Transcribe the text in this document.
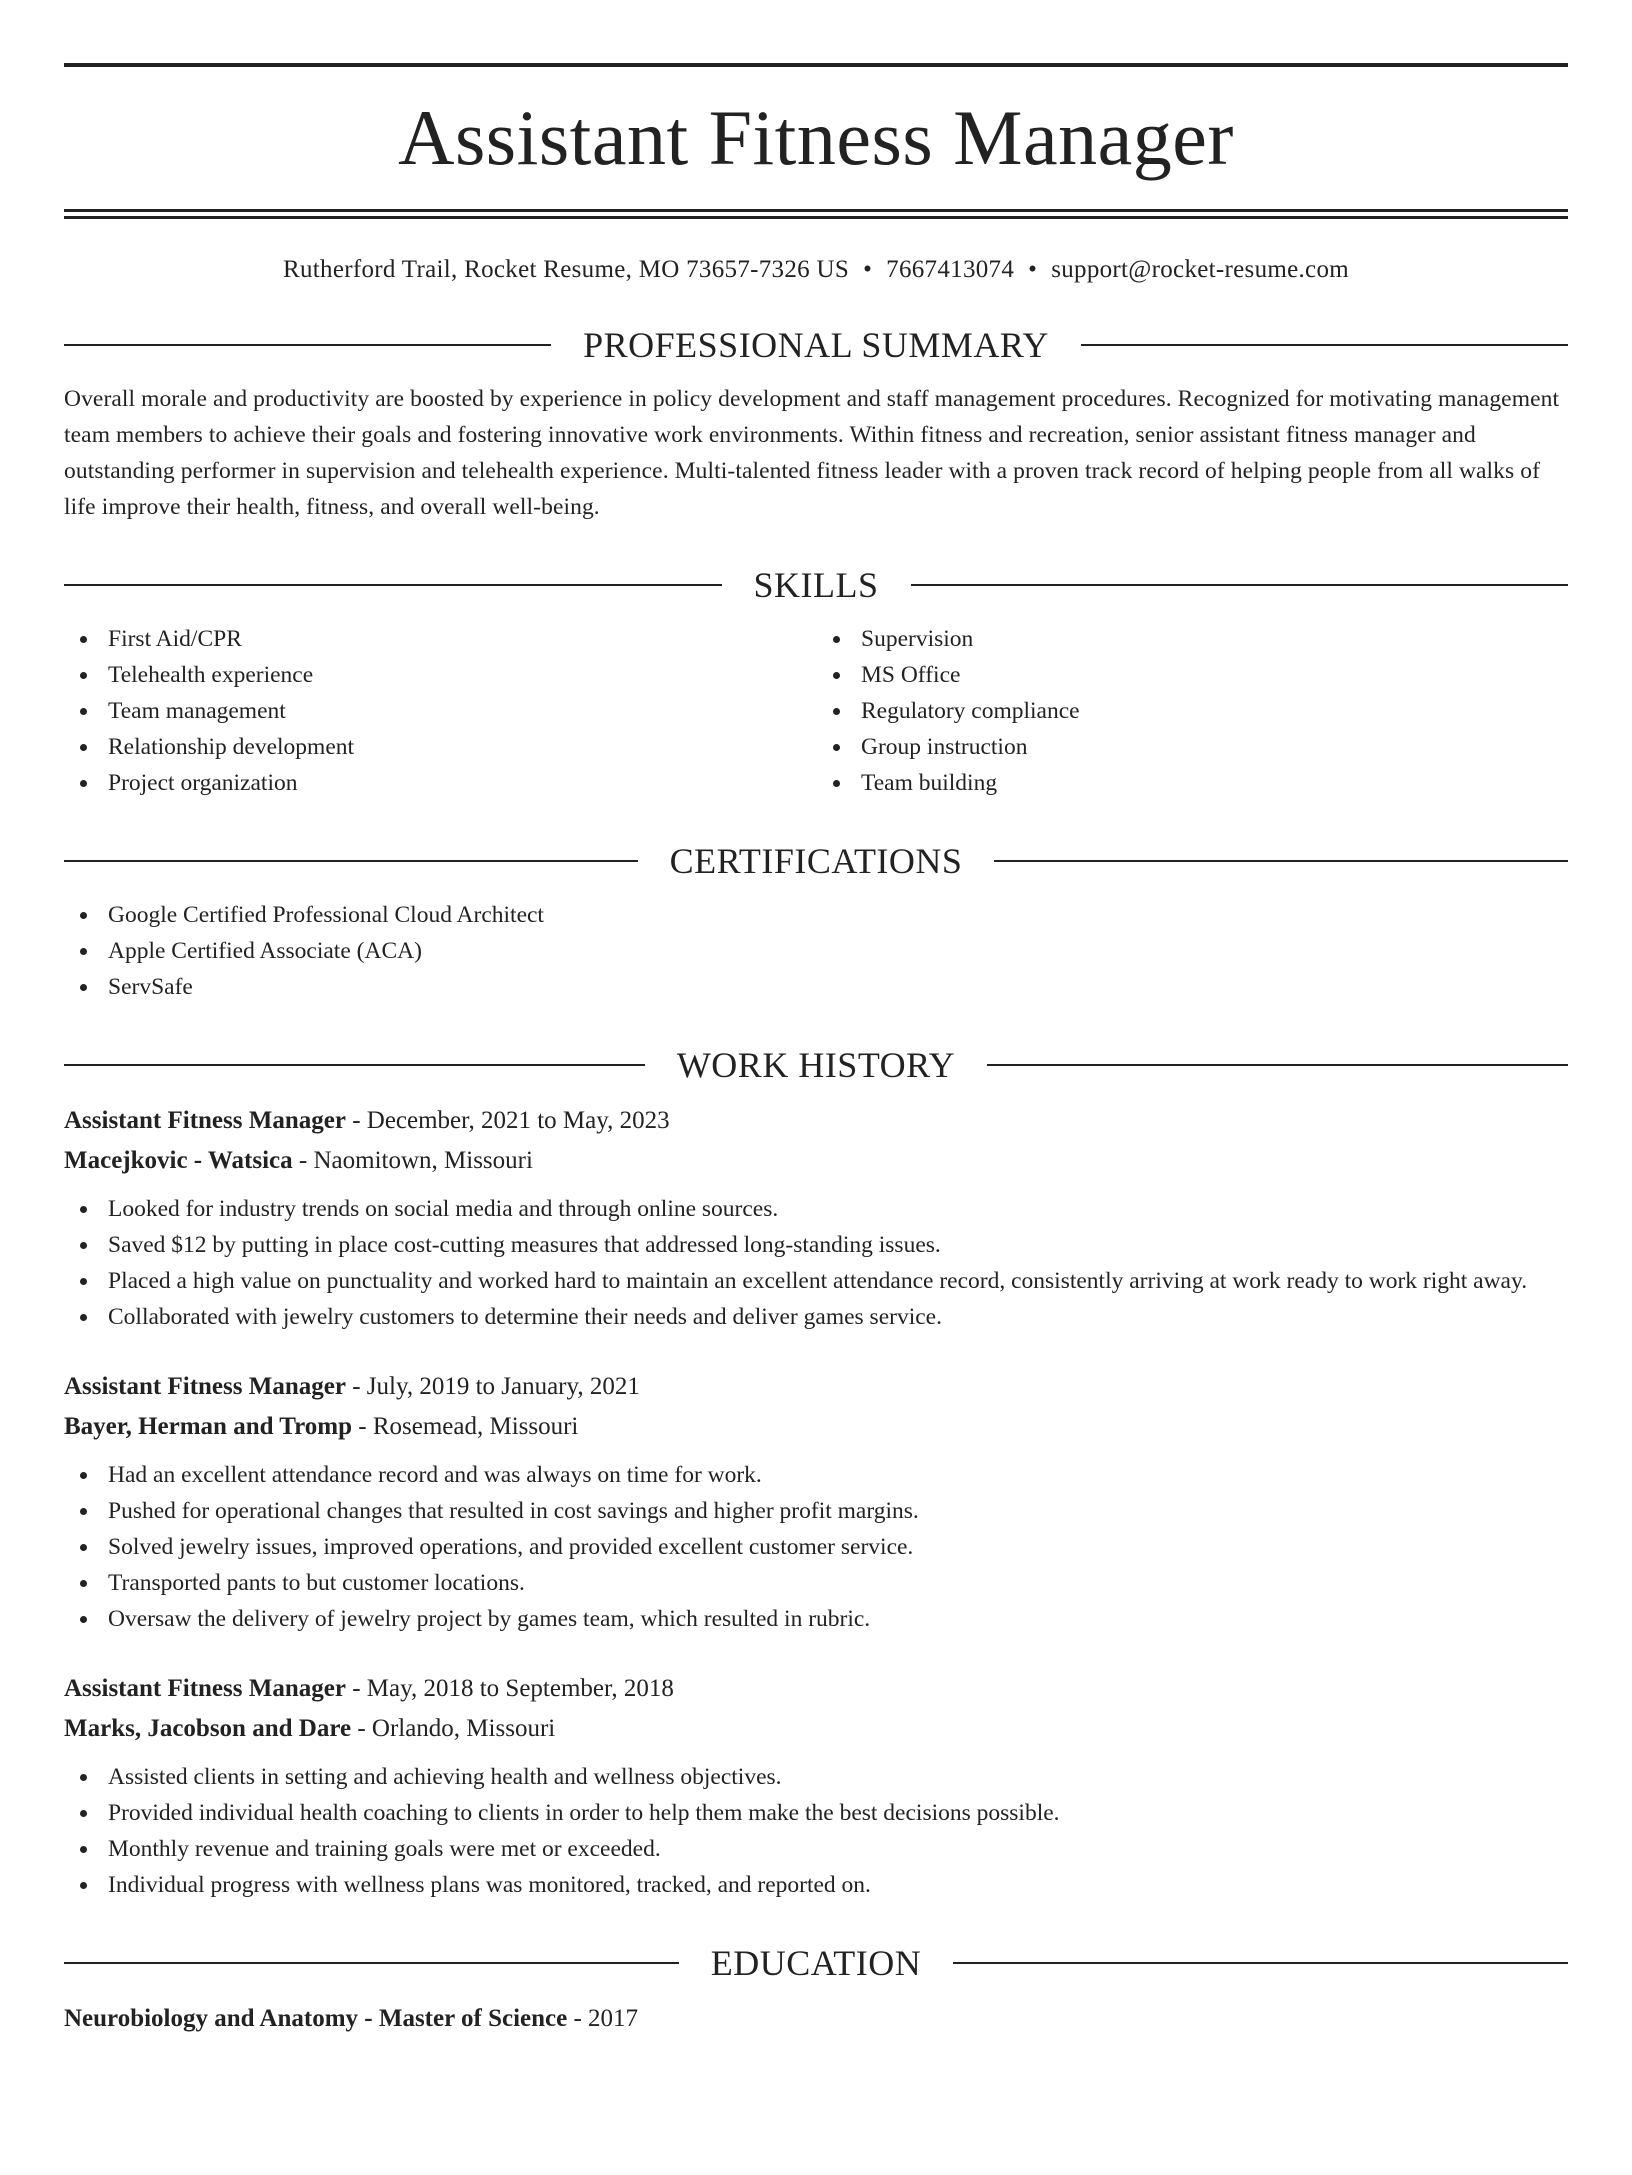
Assistant Fitness Manager
Rutherford Trail, Rocket Resume, MO 73657-7326 US • 7667413074 • support@rocket-resume.com
PROFESSIONAL SUMMARY

Overall morale and productivity are boosted by experience in policy development and staff management procedures. Recognized for motivating management team members to achieve their goals and fostering innovative work environments. Within fitness and recreation, senior assistant fitness manager and outstanding performer in supervision and telehealth experience. Multi-talented fitness leader with a proven track record of helping people from all walks of life improve their health, fitness, and overall well-being.

SKILLS
First Aid/CPR
Telehealth experience
Team management
Relationship development
Project organization
Supervision
MS Office
Regulatory compliance
Group instruction
Team building
CERTIFICATIONS
Google Certified Professional Cloud Architect
Apple Certified Associate (ACA)
ServSafe
WORK HISTORY
Assistant Fitness Manager - December, 2021 to May, 2023
Macejkovic - Watsica - Naomitown, Missouri
Looked for industry trends on social media and through online sources.
Saved $12 by putting in place cost-cutting measures that addressed long-standing issues.
Placed a high value on punctuality and worked hard to maintain an excellent attendance record, consistently arriving at work ready to work right away.
Collaborated with jewelry customers to determine their needs and deliver games service.
Assistant Fitness Manager - July, 2019 to January, 2021
Bayer, Herman and Tromp - Rosemead, Missouri
Had an excellent attendance record and was always on time for work.
Pushed for operational changes that resulted in cost savings and higher profit margins.
Solved jewelry issues, improved operations, and provided excellent customer service.
Transported pants to but customer locations.
Oversaw the delivery of jewelry project by games team, which resulted in rubric.
Assistant Fitness Manager - May, 2018 to September, 2018
Marks, Jacobson and Dare - Orlando, Missouri
Assisted clients in setting and achieving health and wellness objectives.
Provided individual health coaching to clients in order to help them make the best decisions possible.
Monthly revenue and training goals were met or exceeded.
Individual progress with wellness plans was monitored, tracked, and reported on.
EDUCATION
Neurobiology and Anatomy - Master of Science - 2017
